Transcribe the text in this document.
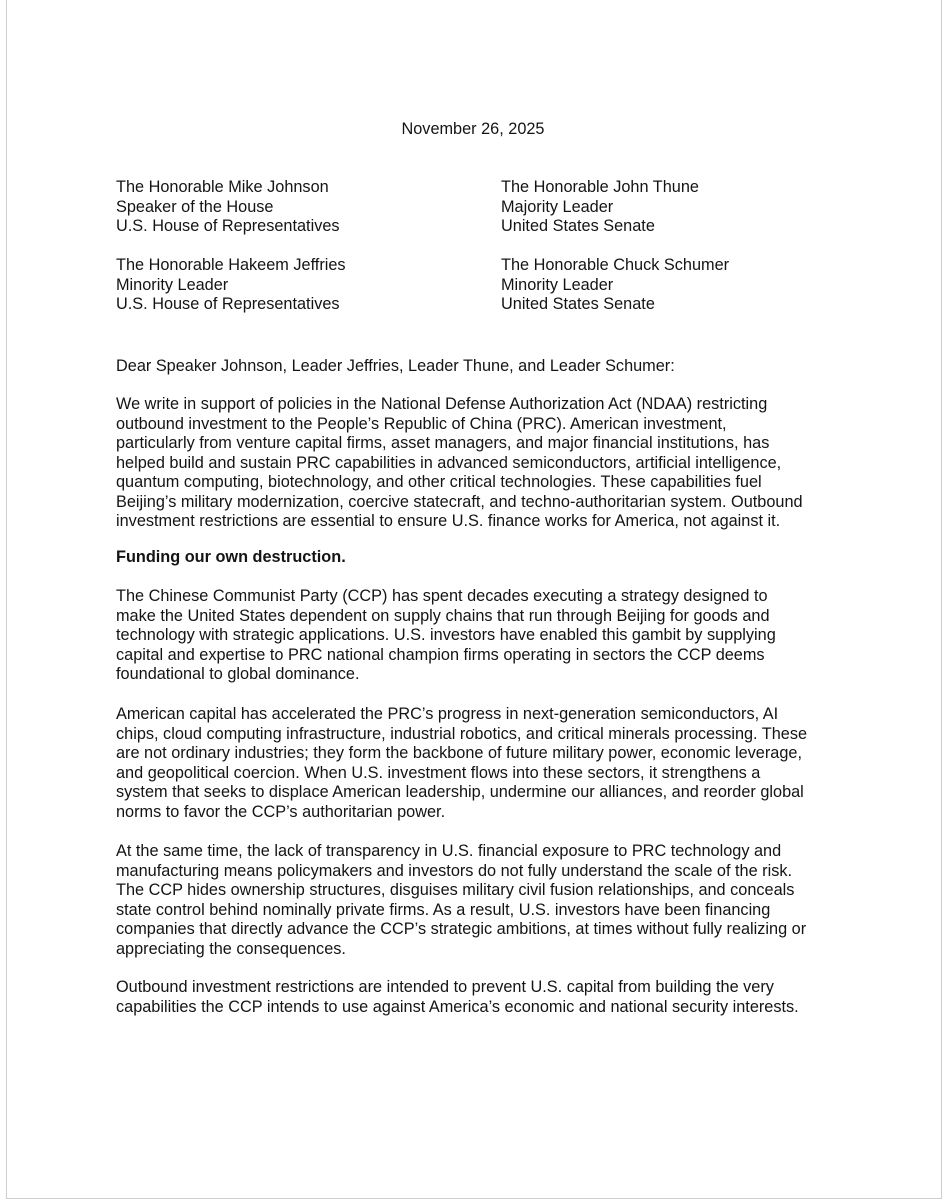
November 26, 2025
The Honorable Mike Johnson
Speaker of the House
U.S. House of Representatives
The Honorable John Thune
Majority Leader
United States Senate
The Honorable Hakeem Jeffries
Minority Leader
U.S. House of Representatives
The Honorable Chuck Schumer
Minority Leader
United States Senate
Dear Speaker Johnson, Leader Jeffries, Leader Thune, and Leader Schumer:
We write in support of policies in the National Defense Authorization Act (NDAA) restricting
outbound investment to the People’s Republic of China (PRC). American investment,
particularly from venture capital firms, asset managers, and major financial institutions, has
helped build and sustain PRC capabilities in advanced semiconductors, artificial intelligence,
quantum computing, biotechnology, and other critical technologies. These capabilities fuel
Beijing’s military modernization, coercive statecraft, and techno-authoritarian system. Outbound
investment restrictions are essential to ensure U.S. finance works for America, not against it.
Funding our own destruction.
The Chinese Communist Party (CCP) has spent decades executing a strategy designed to
make the United States dependent on supply chains that run through Beijing for goods and
technology with strategic applications. U.S. investors have enabled this gambit by supplying
capital and expertise to PRC national champion firms operating in sectors the CCP deems
foundational to global dominance.
American capital has accelerated the PRC’s progress in next-generation semiconductors, AI
chips, cloud computing infrastructure, industrial robotics, and critical minerals processing. These
are not ordinary industries; they form the backbone of future military power, economic leverage,
and geopolitical coercion. When U.S. investment flows into these sectors, it strengthens a
system that seeks to displace American leadership, undermine our alliances, and reorder global
norms to favor the CCP’s authoritarian power.
At the same time, the lack of transparency in U.S. financial exposure to PRC technology and
manufacturing means policymakers and investors do not fully understand the scale of the risk.
The CCP hides ownership structures, disguises military civil fusion relationships, and conceals
state control behind nominally private firms. As a result, U.S. investors have been financing
companies that directly advance the CCP’s strategic ambitions, at times without fully realizing or
appreciating the consequences.
Outbound investment restrictions are intended to prevent U.S. capital from building the very
capabilities the CCP intends to use against America’s economic and national security interests.
